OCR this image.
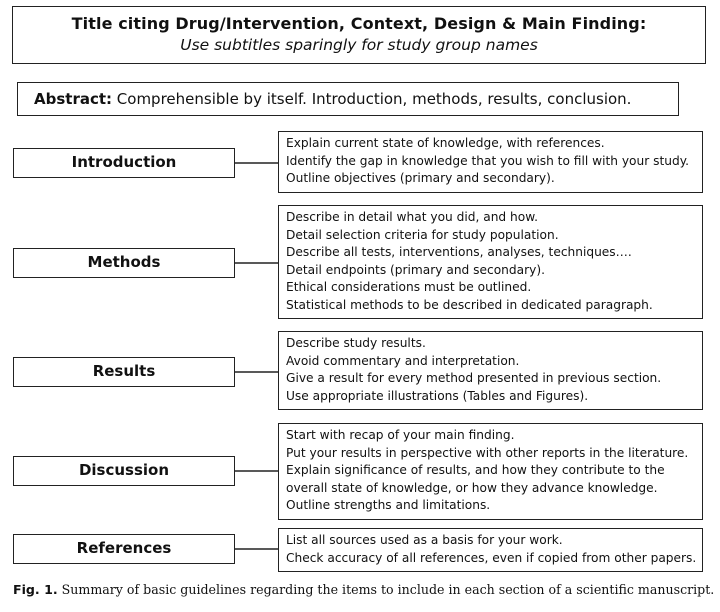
Title citing Drug/Intervention, Context, Design & Main Finding:
Use subtitles sparingly for study group names
Abstract: Comprehensible by itself. Introduction, methods, results, conclusion.
Introduction
Explain current state of knowledge, with references.
Identify the gap in knowledge that you wish to fill with your study.
Outline objectives (primary and secondary).
Methods
Describe in detail what you did, and how.
Detail selection criteria for study population.
Describe all tests, interventions, analyses, techniques….
Detail endpoints (primary and secondary).
Ethical considerations must be outlined.
Statistical methods to be described in dedicated paragraph.
Results
Describe study results.
Avoid commentary and interpretation.
Give a result for every method presented in previous section.
Use appropriate illustrations (Tables and Figures).
Discussion
Start with recap of your main finding.
Put your results in perspective with other reports in the literature.
Explain significance of results, and how they contribute to the
overall state of knowledge, or how they advance knowledge.
Outline strengths and limitations.
References	List all sources used as a basis for your work.
Check accuracy of all references, even if copied from other papers.
Fig. 1. Summary of basic guidelines regarding the items to include in each section of a scientific manuscript.
